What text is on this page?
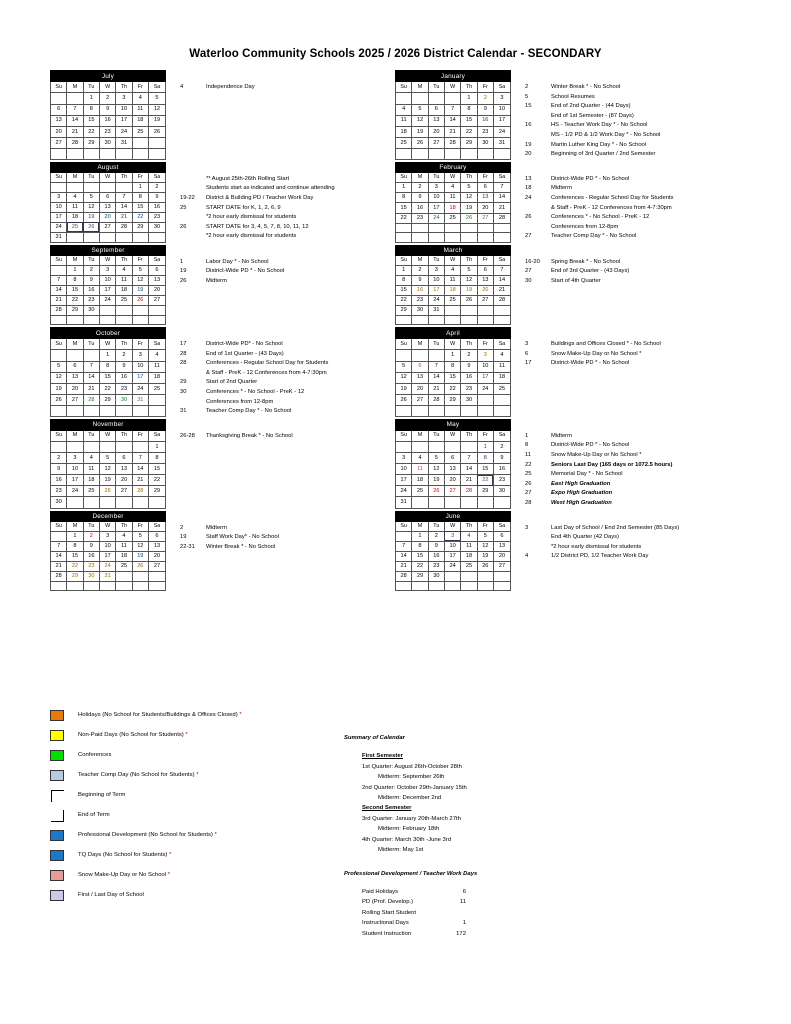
Waterloo Community Schools 2025 / 2026 District Calendar - SECONDARY
July						
Su	M	Tu	W	Th	Fr	Sa
		1	2	3	4	5
6	7	8	9	10	11	12
13	14	15	16	17	18	19
20	21	22	23	24	25	26
27	28	29	30	31		

4	Independence Day
January						
Su	M	Tu	W	Th	Fr	Sa
				1	2	3
4	5	6	7	8	9	10
11	12	13	14	15	16	17
18	19	20	21	22	23	24
25	26	27	28	29	30	31

2	Winter Break * - No School
5	School Resumes
15	End of 2nd Quarter - (44 Days)
End of 1st Semester - (87 Days)
16	HS - Teacher Work Day * - No School
MS - 1/2 PD & 1/2 Work Day * - No School
19	Martin Luther King Day * - No School
20	Beginning of 3rd Quarter / 2nd Semester
August						
Su	M	Tu	W	Th	Fr	Sa
					1	2
3	4	5	6	7	8	9
10	11	12	13	14	15	16
17	18	19	20	21	22	23
24	25	26	27	28	29	30
31						
** August 25th-26th Rolling Start
Students start as indicated and continue attending
19-22	District & Building PD / Teacher Work Day
25	START DATE for K, 1, 2, 6, 9
*2 hour early dismissal for students
26	START DATE for 3, 4, 5, 7, 8, 10, 11, 12
*2 hour early dismissal for students
February						
Su	M	Tu	W	Th	Fr	Sa
1	2	3	4	5	6	7
8	9	10	11	12	13	14
15	16	17	18	19	20	21
22	23	24	25	26	27	28

13	District-Wide PD * - No School
18	Midterm
24	Conferences - Regular School Day for Students
& Staff - PreK - 12 Conferences from 4-7:30pm
26	Conferences * - No School - PreK - 12
Conferences from 12-8pm
27	Teacher Comp Day * - No School
September						
Su	M	Tu	W	Th	Fr	Sa
	1	2	3	4	5	6
7	8	9	10	11	12	13
14	15	16	17	18	19	20
21	22	23	24	25	26	27
28	29	30				

1	Labor Day * - No School
19	District-Wide PD * - No School
26	Midterm
March						
Su	M	Tu	W	Th	Fr	Sa
1	2	3	4	5	6	7
8	9	10	11	12	13	14
15	16	17	18	19	20	21
22	23	24	25	26	27	28
29	30	31				

16-20	Spring Break * - No School
27	End of 3rd Quarter - (43 Days)
30	Start of 4th Quarter
October						
Su	M	Tu	W	Th	Fr	Sa
			1	2	3	4
5	6	7	8	9	10	11
12	13	14	15	16	17	18
19	20	21	22	23	24	25
26	27	28	29	30	31	

17	District-Wide PD* - No School
28	End of 1st Quarter - (43 Days)
28	Conferences - Regular School Day for Students
& Staff - PreK - 12 Conferences from 4-7:30pm
29	Start of 2nd Quarter
30	Conferences * - No School - PreK - 12
Conferences from 12-8pm
31	Teacher Comp Day * - No School
April						
Su	M	Tu	W	Th	Fr	Sa
			1	2	3	4
5	6	7	8	9	10	11
12	13	14	15	16	17	18
19	20	21	22	23	24	25
26	27	28	29	30		

3	Buildings and Offices Closed * - No School
6	Snow Make-Up Day or No School *
17	District-Wide PD * - No School
November						
Su	M	Tu	W	Th	Fr	Sa
						1
2	3	4	5	6	7	8
9	10	11	12	13	14	15
16	17	18	19	20	21	22
23	24	25	26	27	28	29
30						
26-28	Thanksgiving Break * - No School
May						
Su	M	Tu	W	Th	Fr	Sa
					1	2
3	4	5	6	7	8	9
10	11	12	13	14	15	16
17	18	19	20	21	22	23
24	25	26	27	28	29	30
31						
1	Midterm
8	District-Wide PD * - No School
11	Snow Make-Up Day or No School *
22	Seniors Last Day (165 days or 1072.5 hours)
25	Memorial Day * - No School
26	East High Graduation
27	Expo High Graduation
28	West High Graduation
December						
Su	M	Tu	W	Th	Fr	Sa
	1	2	3	4	5	6
7	8	9	10	11	12	13
14	15	16	17	18	19	20
21	22	23	24	25	26	27
28	29	30	31			

2	Midterm
19	Staff Work Day* - No School
22-31	Winter Break * - No School
June						
Su	M	Tu	W	Th	Fr	Sa
	1	2	3	4	5	6
7	8	9	10	11	12	13
14	15	16	17	18	19	20
21	22	23	24	25	26	27
28	29	30				

3	Last Day of School / End 2nd Semester (85 Days)
End 4th Quarter (42 Days)
*2 hour early dismissal for students
4	1/2 District PD, 1/2 Teacher Work Day
Holidays (No School for Students/Buildings & Offices Closed) *
Non-Paid Days (No School for Students) *
Conferences
Teacher Comp Day (No School for Students) *
Beginning of Term
End of Term
Professional Development (No School for Students) *
TQ Days (No School for Students) *
Snow Make-Up Day or No School *
First / Last Day of School
Summary of Calendar
First Semester
1st Quarter: August 26th-October 28th
Midterm: September 26th
2nd Quarter: October 29th-January 15th
Midterm: December 2nd
Second Semester
3rd Quarter: January 20th-March 27th
Midterm: February 18th
4th Quarter: March 30th -June 3rd
Midterm: May 1st
Professional Development / Teacher Work Days
Paid Holidays	6
PD (Prof. Develop.)	11
Rolling Start Student
Instructional Days	1
Student Instruction	172
